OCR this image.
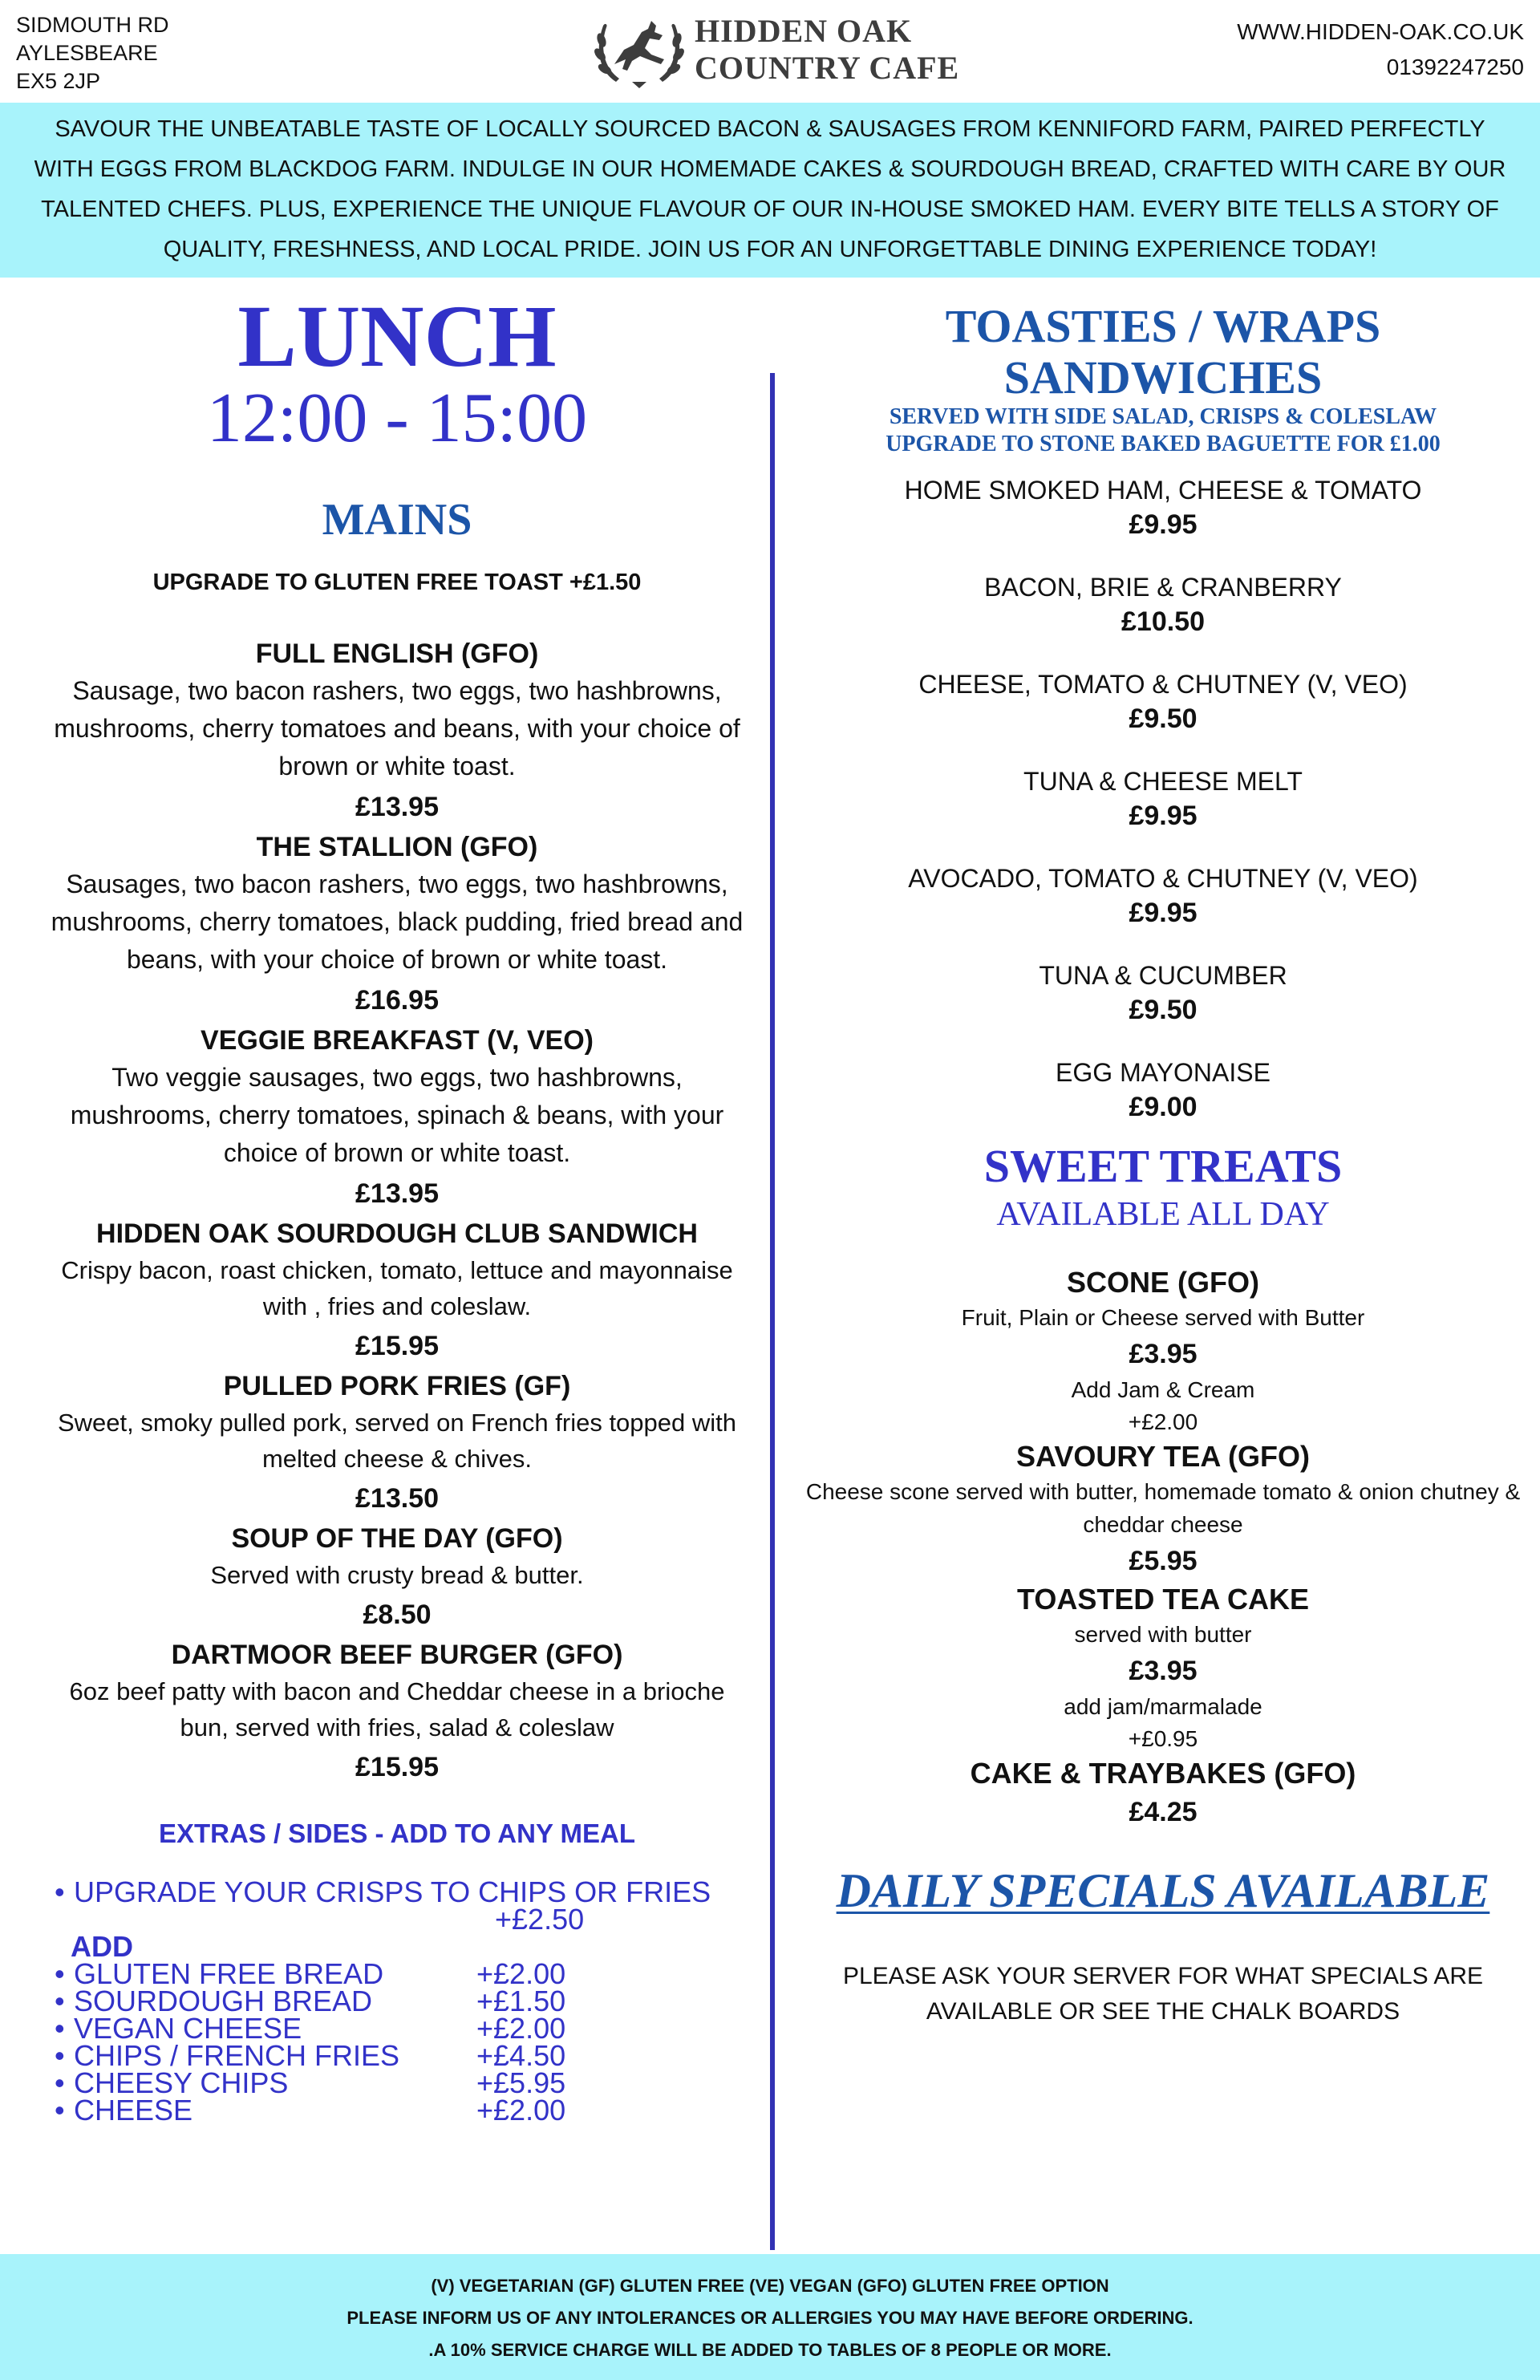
SIDMOUTH RD
AYLESBEARE
EX5 2JP
HIDDEN OAK
COUNTRY CAFE
WWW.HIDDEN-OAK.CO.UK
01392247250
SAVOUR THE UNBEATABLE TASTE OF LOCALLY SOURCED BACON & SAUSAGES FROM KENNIFORD FARM, PAIRED PERFECTLY WITH EGGS FROM BLACKDOG FARM. INDULGE IN OUR HOMEMADE CAKES & SOURDOUGH BREAD, CRAFTED WITH CARE BY OUR TALENTED CHEFS. PLUS, EXPERIENCE THE UNIQUE FLAVOUR OF OUR IN-HOUSE SMOKED HAM. EVERY BITE TELLS A STORY OF QUALITY, FRESHNESS, AND LOCAL PRIDE. JOIN US FOR AN UNFORGETTABLE DINING EXPERIENCE TODAY!
LUNCH
12:00 - 15:00
MAINS
UPGRADE TO GLUTEN FREE TOAST +£1.50
FULL ENGLISH (GFO)
Sausage, two bacon rashers, two eggs, two hashbrowns, mushrooms, cherry tomatoes and beans, with your choice of brown or white toast.
£13.95
THE STALLION (GFO)
Sausages, two bacon rashers, two eggs, two hashbrowns, mushrooms, cherry tomatoes, black pudding, fried bread and beans, with your choice of brown or white toast.
£16.95
VEGGIE BREAKFAST (V, VEO)
Two veggie sausages, two eggs, two hashbrowns, mushrooms, cherry tomatoes, spinach & beans, with your choice of brown or white toast.
£13.95
HIDDEN OAK SOURDOUGH CLUB SANDWICH
Crispy bacon, roast chicken, tomato, lettuce and mayonnaise with , fries and coleslaw.
£15.95
PULLED PORK FRIES (GF)
Sweet, smoky pulled pork, served on French fries topped with melted cheese & chives.
£13.50
SOUP OF THE DAY (GFO)
Served with crusty bread & butter.
£8.50
DARTMOOR BEEF BURGER (GFO)
6oz beef patty with bacon and Cheddar cheese in a brioche bun, served with fries, salad & coleslaw
£15.95
EXTRAS / SIDES - ADD TO ANY MEAL
• UPGRADE YOUR CRISPS TO CHIPS OR FRIES
+£2.50
ADD
• GLUTEN FREE BREAD	+£2.00
• SOURDOUGH BREAD	+£1.50
• VEGAN CHEESE	+£2.00
• CHIPS / FRENCH FRIES	+£4.50
• CHEESY CHIPS	+£5.95
• CHEESE	+£2.00
TOASTIES / WRAPS
SANDWICHES
SERVED WITH SIDE SALAD, CRISPS & COLESLAW
UPGRADE TO STONE BAKED BAGUETTE FOR £1.00
HOME SMOKED HAM, CHEESE & TOMATO
£9.95
BACON, BRIE & CRANBERRY
£10.50
CHEESE, TOMATO & CHUTNEY (V, VEO)
£9.50
TUNA & CHEESE MELT
£9.95
AVOCADO, TOMATO & CHUTNEY (V, VEO)
£9.95
TUNA & CUCUMBER
£9.50
EGG MAYONAISE
£9.00
SWEET TREATS
AVAILABLE ALL DAY
SCONE (GFO)
Fruit, Plain or Cheese served with Butter
£3.95
Add Jam & Cream
+£2.00
SAVOURY TEA (GFO)
Cheese scone served with butter, homemade tomato & onion chutney & cheddar cheese
£5.95
TOASTED TEA CAKE
served with butter
£3.95
add jam/marmalade
+£0.95
CAKE & TRAYBAKES (GFO)
£4.25
DAILY SPECIALS AVAILABLE
PLEASE ASK YOUR SERVER FOR WHAT SPECIALS ARE AVAILABLE OR SEE THE CHALK BOARDS
(V) VEGETARIAN (GF) GLUTEN FREE (VE) VEGAN (GFO) GLUTEN FREE OPTION
PLEASE INFORM US OF ANY INTOLERANCES OR ALLERGIES YOU MAY HAVE BEFORE ORDERING.
.A 10% SERVICE CHARGE WILL BE ADDED TO TABLES OF 8 PEOPLE OR MORE.
